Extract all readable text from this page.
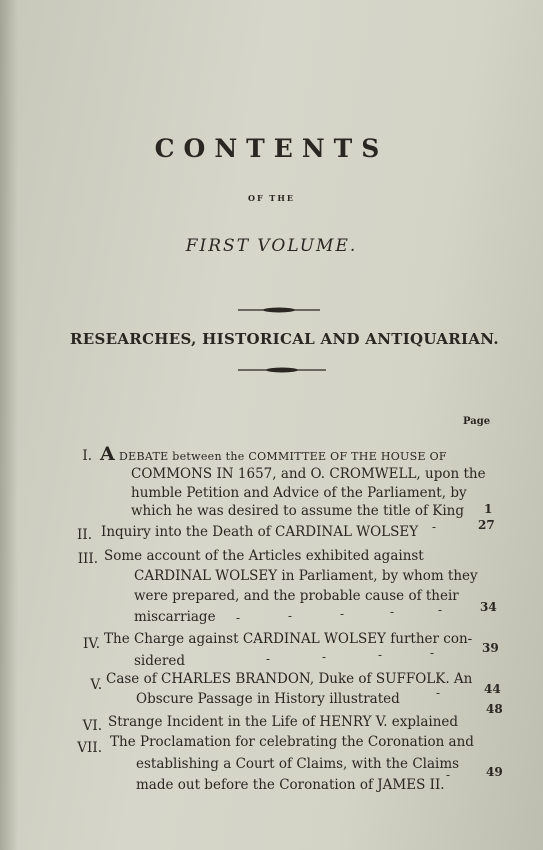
CONTENTS
OF THE
FIRST VOLUME.
RESEARCHES, HISTORICAL AND ANTIQUARIAN.
Page
I. A DEBATE between the COMMITTEE OF THE HOUSE OF
COMMONS IN 1657, and O. CROMWELL, upon the
humble Petition and Advice of the Parliament, by
which he was desired to assume the title of King 1
II. Inquiry into the Death of CARDINAL WOLSEY -	27
III. Some account of the Articles exhibited against
CARDINAL WOLSEY in Parliament, by whom they
were prepared, and the probable cause of their
miscarriage -	-	-	-	-	34
IV. The Charge against CARDINAL WOLSEY further con-
sidered	-	-	-	-	39
V. Case of CHARLES BRANDON, Duke of SUFFOLK. An
Obscure Passage in History illustrated	-	44
VI. Strange Incident in the Life of HENRY V. explained
48
VII. The Proclamation for celebrating the Coronation and
establishing a Court of Claims, with the Claims
made out before the Coronation of JAMES II.
-	49
